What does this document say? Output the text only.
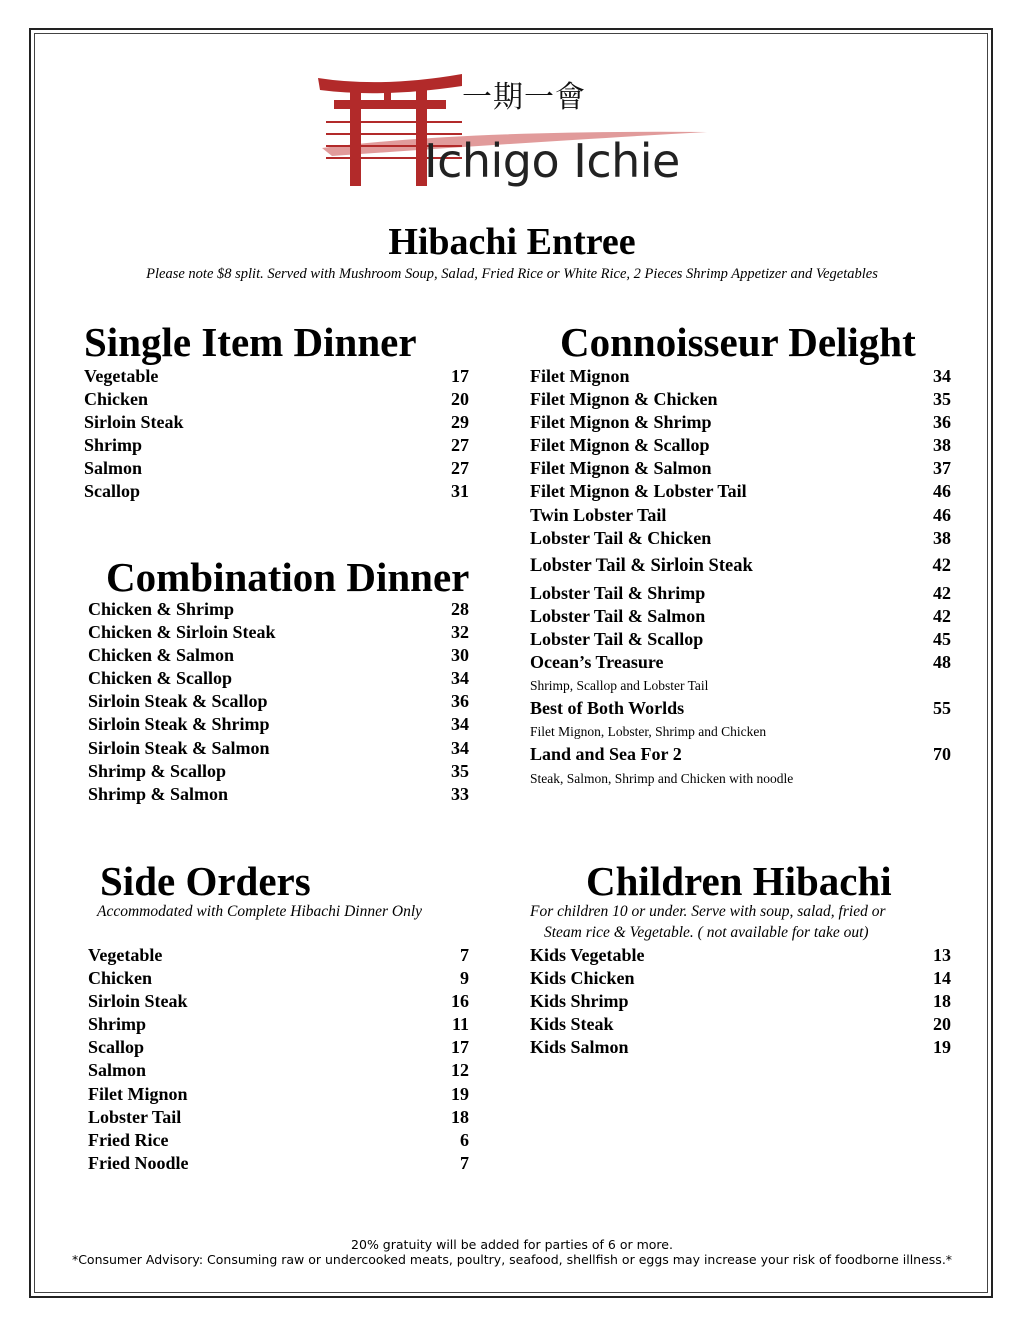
一期一會
Ichigo Ichie
Hibachi Entree
Please note $8 split. Served with Mushroom Soup, Salad, Fried Rice or White Rice, 2 Pieces Shrimp Appetizer and Vegetables
Single Item Dinner
Vegetable	17
Chicken	20
Sirloin Steak	29
Shrimp	27
Salmon	27
Scallop	31
Combination Dinner
Chicken & Shrimp	28
Chicken & Sirloin Steak	32
Chicken & Salmon	30
Chicken & Scallop	34
Sirloin Steak & Scallop	36
Sirloin Steak & Shrimp	34
Sirloin Steak & Salmon	34
Shrimp & Scallop	35
Shrimp & Salmon	33
Connoisseur Delight
Filet Mignon	34
Filet Mignon & Chicken	35
Filet Mignon & Shrimp	36
Filet Mignon & Scallop	38
Filet Mignon & Salmon	37
Filet Mignon & Lobster Tail	46
Twin Lobster Tail	46
Lobster Tail & Chicken	38
Lobster Tail & Sirloin Steak	42
Lobster Tail & Shrimp	42
Lobster Tail & Salmon	42
Lobster Tail & Scallop	45
Ocean’s Treasure	48
Shrimp, Scallop and Lobster Tail
Best of Both Worlds	55
Filet Mignon, Lobster, Shrimp and Chicken
Land and Sea For 2	70
Steak, Salmon, Shrimp and Chicken with noodle
Side Orders
Accommodated with Complete Hibachi Dinner Only
Vegetable	7
Chicken	9
Sirloin Steak	16
Shrimp	11
Scallop	17
Salmon	12
Filet Mignon	19
Lobster Tail	18
Fried Rice	6
Fried Noodle	7
Children Hibachi
For children 10 or under. Serve with soup, salad, fried or
Steam rice & Vegetable. ( not available for take out)
Kids Vegetable	13
Kids Chicken	14
Kids Shrimp	18
Kids Steak	20
Kids Salmon	19
20% gratuity will be added for parties of 6 or more.
*Consumer Advisory: Consuming raw or undercooked meats, poultry, seafood, shellfish or eggs may increase your risk of foodborne illness.*
